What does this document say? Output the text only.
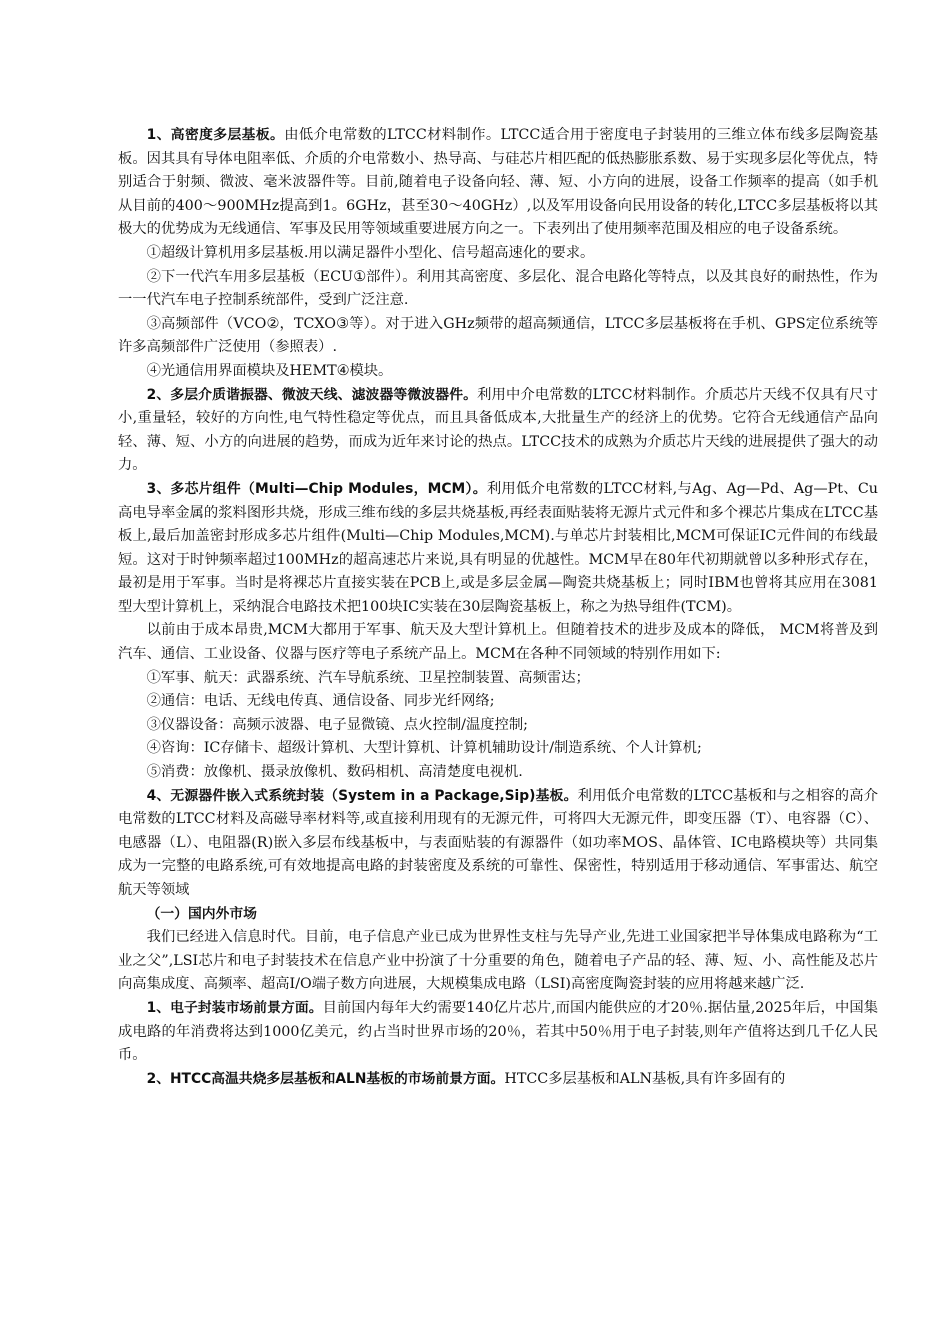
1、高密度多层基板。由低介电常数的LTCC材料制作。LTCC适合用于密度电子封装用的三维立体布线多层陶瓷基板。因其具有导体电阻率低、介质的介电常数小、热导高、与硅芯片相匹配的低热膨胀系数、易于实现多层化等优点，特别适合于射频、微波、毫米波器件等。目前,随着电子设备向轻、薄、短、小方向的进展，设备工作频率的提高（如手机从目前的400～900MHz提高到1。6GHz，甚至30～40GHz）,以及军用设备向民用设备的转化,LTCC多层基板将以其极大的优势成为无线通信、军事及民用等领域重要进展方向之一。下表列出了使用频率范围及相应的电子设备系统。

①超级计算机用多层基板.用以满足器件小型化、信号超高速化的要求。

②下一代汽车用多层基板（ECU①部件）。利用其高密度、多层化、混合电路化等特点，以及其良好的耐热性，作为一一代汽车电子控制系统部件，受到广泛注意.

③高频部件（VCO②，TCXO③等）。对于进入GHz频带的超高频通信，LTCC多层基板将在手机、GPS定位系统等许多高频部件广泛使用（参照表）.

④光通信用界面模块及HEMT④模块。

2、多层介质谐振器、微波天线、滤波器等微波器件。利用中介电常数的LTCC材料制作。介质芯片天线不仅具有尺寸小,重量轻，较好的方向性,电气特性稳定等优点，而且具备低成本,大批量生产的经济上的优势。它符合无线通信产品向轻、薄、短、小方的向进展的趋势，而成为近年来讨论的热点。LTCC技术的成熟为介质芯片天线的进展提供了强大的动力。

3、多芯片组件（Multi—Chip Modules，MCM）。利用低介电常数的LTCC材料,与Ag、Ag—Pd、Ag—Pt、Cu高电导率金属的浆料图形共烧，形成三维布线的多层共烧基板,再经表面贴装将无源片式元件和多个裸芯片集成在LTCC基板上,最后加盖密封形成多芯片组件(Multi—Chip Modules,MCM).与单芯片封装相比,MCM可保证IC元件间的布线最短。这对于时钟频率超过100MHz的超高速芯片来说,具有明显的优越性。MCM早在80年代初期就曾以多种形式存在，最初是用于军事。当时是将裸芯片直接实装在PCB上,或是多层金属—陶瓷共烧基板上；同时IBM也曾将其应用在3081型大型计算机上，采纳混合电路技术把100块IC实装在30层陶瓷基板上，称之为热导组件(TCM)。

以前由于成本昂贵,MCM大都用于军事、航天及大型计算机上。但随着技术的进步及成本的降低， MCM将普及到汽车、通信、工业设备、仪器与医疗等电子系统产品上。MCM在各种不同领域的特别作用如下:

①军事、航天：武器系统、汽车导航系统、卫星控制装置、高频雷达；

②通信：电话、无线电传真、通信设备、同步光纤网络;

③仪器设备：高频示波器、电子显微镜、点火控制/温度控制;

④咨询：IC存储卡、超级计算机、大型计算机、计算机辅助设计/制造系统、个人计算机;

⑤消费：放像机、摄录放像机、数码相机、高清楚度电视机.

4、无源器件嵌入式系统封装（System in a Package,Sip)基板。利用低介电常数的LTCC基板和与之相容的高介电常数的LTCC材料及高磁导率材料等,或直接利用现有的无源元件，可将四大无源元件，即变压器（T）、电容器（C）、电感器（L）、电阻器(R)嵌入多层布线基板中，与表面贴装的有源器件（如功率MOS、晶体管、IC电路模块等）共同集成为一完整的电路系统,可有效地提高电路的封装密度及系统的可靠性、保密性，特别适用于移动通信、军事雷达、航空航天等领域

（一）国内外市场

我们已经进入信息时代。目前，电子信息产业已成为世界性支柱与先导产业,先进工业国家把半导体集成电路称为“工业之父”,LSI芯片和电子封装技术在信息产业中扮演了十分重要的角色，随着电子产品的轻、薄、短、小、高性能及芯片向高集成度、高频率、超高I/O端子数方向进展，大规模集成电路（LSI)高密度陶瓷封装的应用将越来越广泛.

1、电子封装市场前景方面。目前国内每年大约需要140亿片芯片,而国内能供应的才20％.据估量,2025年后，中国集成电路的年消费将达到1000亿美元，约占当时世界市场的20％，若其中50％用于电子封装,则年产值将达到几千亿人民币。

2、HTCC高温共烧多层基板和ALN基板的市场前景方面。HTCC多层基板和ALN基板,具有许多固有的
